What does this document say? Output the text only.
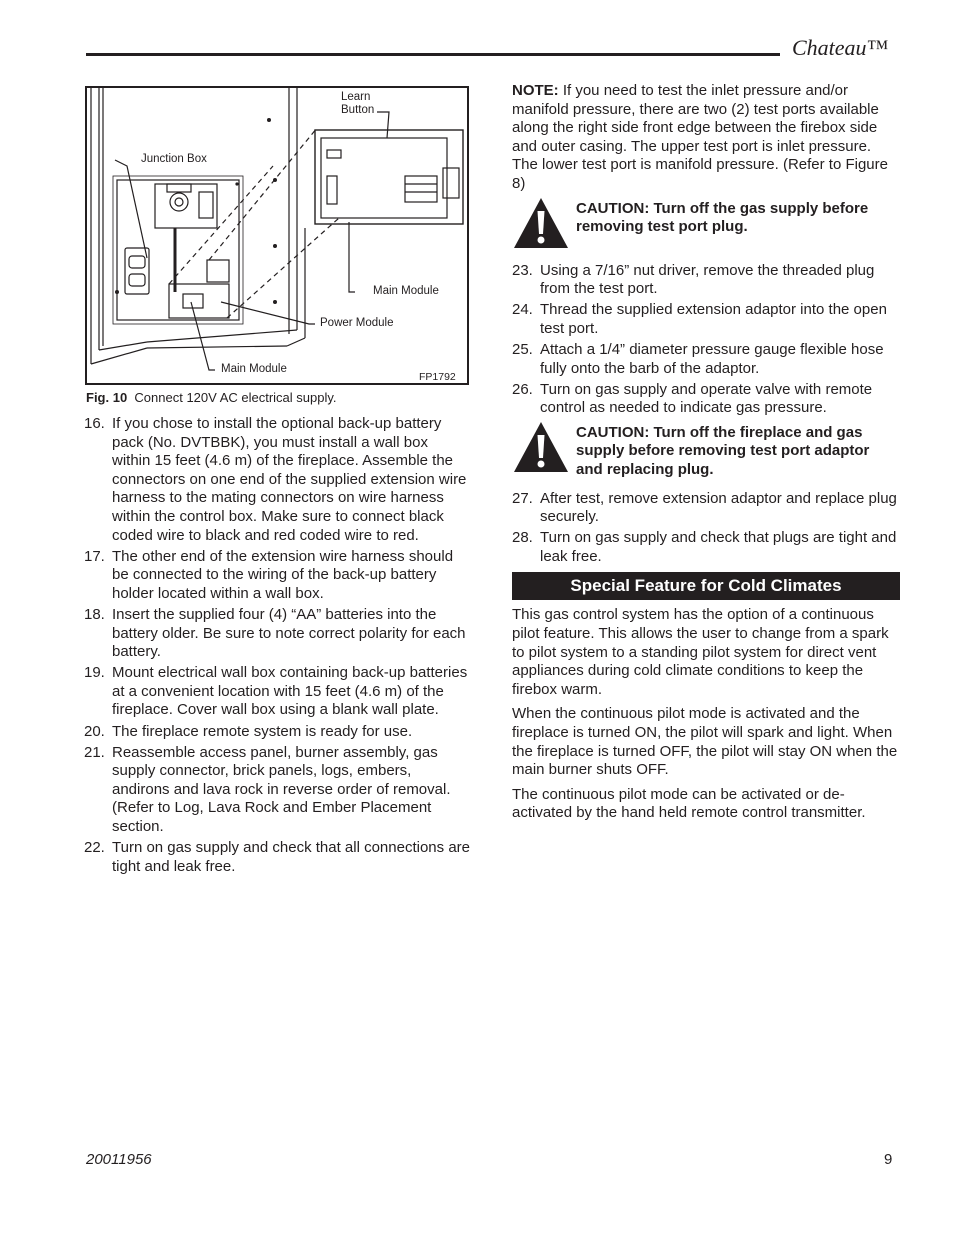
Chateau™
Learn
Button
Junction Box
Main Module
Power Module
Main Module
FP1792
Fig. 10 Connect 120V AC electrical supply.
16. If you chose to install the optional back-up battery pack (No. DVTBBK), you must install a wall box within 15 feet (4.6 m) of the fireplace. Assemble the connectors on one end of the supplied extension wire harness to the mating connectors on wire harness within the control box. Make sure to connect black coded wire to black and red coded wire to red.
17. The other end of the extension wire harness should be connected to the wiring of the back-up battery holder located within a wall box.
18. Insert the supplied four (4) “AA” batteries into the battery older. Be sure to note correct polarity for each battery.
19. Mount electrical wall box containing back-up batteries at a convenient location with 15 feet (4.6 m) of the fireplace. Cover wall box using a blank wall plate.
20. The fireplace remote system is ready for use.
21. Reassemble access panel, burner assembly, gas supply connector, brick panels, logs, embers, andirons and lava rock in reverse order of removal. (Refer to Log, Lava Rock and Ember Placement section.
22. Turn on gas supply and check that all connections are tight and leak free.

NOTE: If you need to test the inlet pressure and/or manifold pressure, there are two (2) test ports available along the right side front edge between the firebox side and outer casing. The upper test port is inlet pressure. The lower test port is manifold pressure. (Refer to Figure 8)

CAUTION: Turn off the gas supply before removing test port plug.
23. Using a 7/16” nut driver, remove the threaded plug from the test port.
24. Thread the supplied extension adaptor into the open test port.
25. Attach a 1/4” diameter pressure gauge flexible hose fully onto the barb of the adaptor.
26. Turn on gas supply and operate valve with remote control as needed to indicate gas pressure.
CAUTION: Turn off the fireplace and gas supply before removing test port adaptor and replacing plug.
27. After test, remove extension adaptor and replace plug securely.
28. Turn on gas supply and check that plugs are tight and leak free.
Special Feature for Cold Climates

This gas control system has the option of a continuous pilot feature. This allows the user to change from a spark to pilot system to a standing pilot system for direct vent appliances during cold climate conditions to keep the firebox warm.

When the continuous pilot mode is activated and the fireplace is turned ON, the pilot will spark and light. When the fireplace is turned OFF, the pilot will stay ON when the main burner shuts OFF.

The continuous pilot mode can be activated or de-activated by the hand held remote control transmitter.

20011956	9
